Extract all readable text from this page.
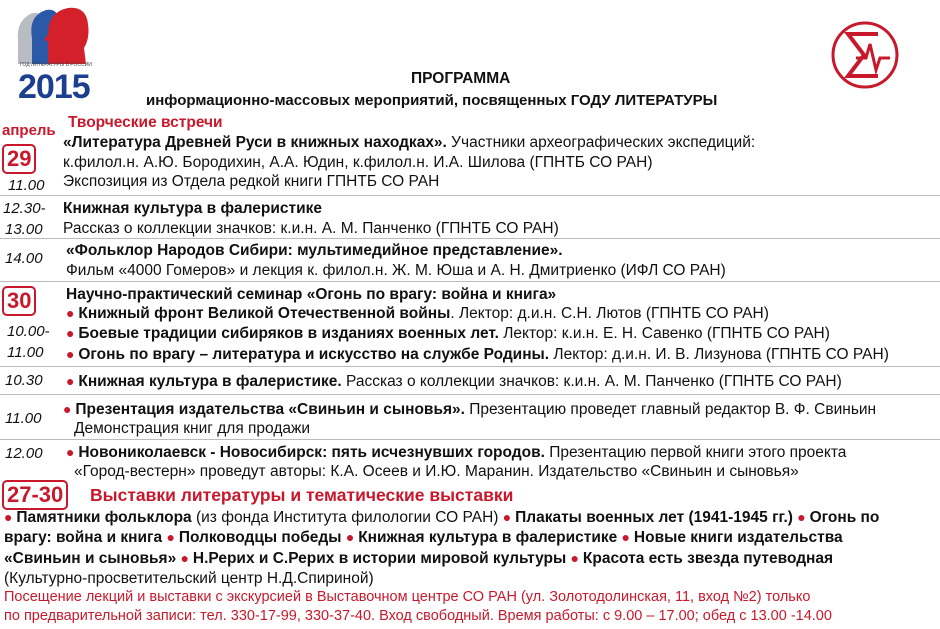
ГОД ЛИТЕРАТУРЫ В РОССИИ
2015	ПРОГРАММА
информационно-массовых мероприятий, посвященных ГОДУ ЛИТЕРАТУРЫ
апрель
29
Творческие встречи
«Литература Древней Руси в книжных находках». Участники археографических экспедиций:
к.филол.н. А.Ю. Бородихин, А.А. Юдин, к.филол.н. И.А. Шилова (ГПНТБ СО РАН)
11.00 Экспозиция из Отдела редкой книги ГПНТБ СО РАН
12.30- Книжная культура в фалеристике
13.00 Рассказ о коллекции значков: к.и.н. А. М. Панченко (ГПНТБ СО РАН)
14.00 «Фольклор Народов Сибири: мультимедийное представление».
Фильм «4000 Гомеров» и лекция к. филол.н. Ж. М. Юша и А. Н. Дмитриенко (ИФЛ СО РАН)
30	Научно-практический семинар «Огонь по врагу: война и книга»
● Книжный фронт Великой Отечественной войны. Лектор: д.и.н. С.Н. Лютов (ГПНТБ СО РАН)
10.00- ● Боевые традиции сибиряков в изданиях военных лет. Лектор: к.и.н. Е. Н. Савенко (ГПНТБ СО РАН)
11.00 ● Огонь по врагу – литература и искусство на службе Родины. Лектор: д.и.н. И. В. Лизунова (ГПНТБ СО РАН)
10.30 ● Книжная культура в фалеристике. Рассказ о коллекции значков: к.и.н. А. М. Панченко (ГПНТБ СО РАН)
11.00
● Презентация издательства «Свиньин и сыновья». Презентацию проведет главный редактор В. Ф. Свиньин
Демонстрация книг для продажи
12.00 ● Новониколаевск - Новосибирск: пять исчезнувших городов. Презентацию первой книги этого проекта
«Город-вестерн» проведут авторы: К.А. Осеев и И.Ю. Маранин. Издательство «Свиньин и сыновья»
27-30 Выставки литературы и тематические выставки
● Памятники фольклора (из фонда Института филологии СО РАН) ● Плакаты военных лет (1941-1945 гг.) ● Огонь по
врагу: война и книга ● Полководцы победы ● Книжная культура в фалеристике ● Новые книги издательства
«Свиньин и сыновья» ● Н.Рерих и С.Рерих в истории мировой культуры ● Красота есть звезда путеводная
(Культурно-просветительский центр Н.Д.Спириной)
Посещение лекций и выставки с экскурсией в Выставочном центре СО РАН (ул. Золотодолинская, 11, вход №2) только
по предварительной записи: тел. 330-17-99, 330-37-40. Вход свободный. Время работы: с 9.00 – 17.00; обед с 13.00 -14.00
